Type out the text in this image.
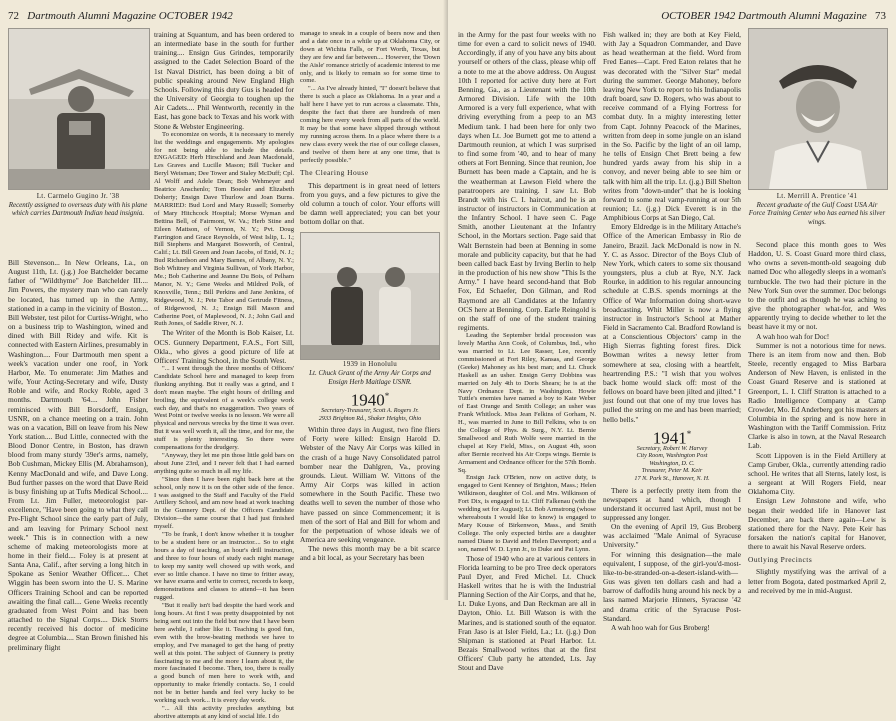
72 Dartmouth Alumni Magazine OCTOBER 1942
Lt. Carmelo Gugino Jr. '38
Recently assigned to overseas duty with his plane which carries Dartmouth Indian head insignia.

Bill Stevenson... In New Orleans, La., on August 11th, Lt. (j.g.) Joe Batchelder became father of "Wildthyme" Joe Batchelder III.... Jim Powers, the mystery man who can rarely be located, has turned up in the Army, stationed in a camp in the vicinity of Boston.... Bill Webster, test pilot for Curtiss-Wright, who on a business trip to Washington, wined and dined with Bill Ridey and wife. Kit is connected with Eastern Airlines, presumably in Washington.... Four Dartmouth men spent a week's vacation under one roof, in York Harbor, Me. To enumerate: Jim Mathes and wife, Your Acting-Secretary and wife, Dusty Roble and wife, and Rocky Roble, aged 3 months. Dartmouth '64.... John Fisher reminisced with Bill Borsdorff, Ensign, USNR, on a chance meeting on a train. John was on a vacation, Bill on leave from his New York station.... Bud Little, connected with the Blood Donor Centre, in Boston, has drawn blood from many sturdy '39er's arms, namely, Bob Cushman, Mickey Ellis (M. Abrahamson), Kenny MacDonald and wife, and Dave Long. Bud further passes on the word that Dave Reid is busy finishing up at Tufts Medical School.... From Lt. Jim Fuller, meteorologist par-excellence, "Have been going to what they call Pre-Flight School since the early part of July, and am leaving for Primary School next week." This is in connection with a new scheme of making meteorologists more at home in their field.... Foley is at present at Santa Ana, Calif., after serving a long hitch in Spokane as Senior Weather Officer.... Chet Wiggin has been sworn into the U. S. Marine Officers Training School and can be reported awaiting the final call.... Gene Weeks recently graduated from West Point and has been attached to the Signal Corps.... Dick Storrs recently received his doctor of medicine degree at Columbia.... Stan Brown finished his preliminary flight

training at Squantum, and has been ordered to an intermediate base in the south for further training.... Ensign Gus Grindes, temporarily assigned to the Cadet Selection Board of the 1st Naval District, has been doing a bit of public speaking around New England High Schools. Following this duty Gus is headed for the University of Georgia to toughen up the Air Cadets.... Phil Wentworth, recently in the East, has gone back to Texas and his work with Stone & Webster Engineering.

To economize on words, it is necessary to merely list the weddings and engagements. My apologies for not being able to include the details. ENGAGED: Herb Hirschland and Jean Macdonald, Les Graves and Lucille Mason; Bill Tucker and Beryl Weisman; Dee Tower and Staley McDuff; Cpl. Al Wolff and Adele Dean; Bob Wehmeyer and Beatrice Anschenlo; Tom Boesler and Elizabeth Doherty; Ensign Dave Thurlow and Joan Burns. MARRIED: Bud Lord and Mary Russell; Somerby of Mary Hitchcock Hospital; Morse Wyman and Bettina Bell, of Fairmont, W. Va.; Herb Stine and Eileen Mattson, of Vernon, N. Y.; Pvt. Doug Farrington and Grace Reynolds, of West Islip, L. I.; Bill Stephens and Margaret Bosworth, of Central, Calif.; Lt. Bill Green and Joan Jacobs, of Enid, N. J.; Bud Richardson and Mary Barnes, of Albany, N. Y.; Bob Whitney and Virginia Sullivan, of York Harbor, Me.; Bob Catherine and Jeanne Du Bois, of Pelham Manor, N. Y.; Gene Weeks and Mildred Polk, of Knoxville, Tenn.; Bill Perkins and Jane Jenkins, of Ridgewood, N. J.; Pete Tabor and Gertrude Fitness, of Ridgewood, N. J.; Ensign Bill Mason and Catherine Poet, of Maplewood, N. J.; John Gail and Ruth Jones, of Saddle River, N. J.

The Writer of the Month is Bob Kaiser, Lt. OCS. Gunnery Department, F.A.S., Fort Sill, Okla., who gives a good picture of life at Officers' Training School, in the South West.

"... I went through the three months of Officers' Candidate School here and managed to keep from flunking anything. But it really was a grind, and I don't mean maybe. The eight hours of drilling and broiling, the equivalent of a week's college work each day, and that's no exaggeration. Two years of West Point or twelve weeks is no lesson. We were all physical and nervous wrecks by the time it was over. But it was well worth it, all the time, and for me, the stuff is plenty interesting. So there were compensations for the drudgery.

"Anyway, they let me pin those little gold bars on about June 23rd, and I never felt that I had earned anything quite so much in all my life.

"Since then I have been right back here at the school, only now it is on the other side of the fence. I was assigned to the Staff and Faculty of the Field Artillery School, and am now head at work teaching in the Gunnery Dept. of the Officers Candidate Division—the same course that I had just finished myself.

"To be frank, I don't know whether it is tougher to be a student here or an instructor.... So to eight hours a day of teaching, an hour's drill instruction, and three to four hours of study each night manage to keep my sanity well chowed up with work, and ever so little chance. I have no time to fritter away, we have exams and write to correct, records to keep, demonstrations and classes to attend—it has been rugged.

"But it really isn't bad despite the hard work and long hours. At first I was pretty disappointed by not being sent out into the field but now that I have been here awhile, I rather like it. Teaching is good fun, even with the brow-beating methods we have to employ, and I've managed to get the hang of pretty well at this point. The subject of Gunnery is pretty fascinating to me and the more I learn about it, the more fascinated I become. Then, too, there is really a good bunch of men here to work with, and opportunity to make friendly contacts. So, I could not be in better hands and feel very lucky to be working such work... It is every day work.

"... All this activity precludes anything but abortive attempts at any kind of social life. I do

manage to sneak in a couple of beers now and then and a date once in a while up at Oklahoma City, or down at Wichita Falls, or Fort Worth, Texas, but they are few and far between.... However, the 'Down the Aisle' romance strictly of academic interest to me only, and is likely to remain so for some time to come.

"... As I've already hinted, "I" doesn't believe that there is such a place as Oklahoma. In a year and a half here I have yet to run across a classmate. This, despite the fact that there are hundreds of men coming here every week from all parts of the world. It may be that some have slipped through without my running across them. In a place where there is a new class every week the rise of our college classes, and twelve of them here at any one time, that is perfectly possible."

The Clearing House

This department is in great need of letters from you guys, and a few pictures to give the old column a touch of color. Your efforts will be damn well appreciated; you can bet your bottom dollar on that.

1939 in Honolulu
Lt. Chuck Grant of the Army Air Corps and Ensign Herb Maitlage USNR.
1940*
Secretary-Treasurer, Scott A. Rogers Jr.
2933 Brighton Rd., Shaker Heights, Ohio

Within three days in August, two fine fliers of Forty were killed: Ensign Harold D. Webster of the Navy Air Corps was killed in the crash of a huge Navy Consolidated patrol bomber near the Dahlgren, Va., proving grounds. Lieut. William W. Vittons of the Army Air Corps was killed in action somewhere in the South Pacific. These two deaths well to seven the number of those who have passed on since Commencement; it is men of the sort of Hal and Bill for whom and for the perpetuation of whose ideals we of America are seeking vengeance.

The news this month may be a bit scarce and a bit local, as your Secretary has been

OCTOBER 1942 Dartmouth Alumni Magazine 73

in the Army for the past four weeks with no time for even a card to solicit news of 1940. Accordingly, if any of you have any bits about yourself or others of the class, please whip off a note to me at the above address. On August 10th I reported for active duty here at Fort Benning, Ga., as a Lieutenant with the 10th Armored Division. Life with the 10th Armored is a very full experience, what with driving everything from a peep to an M3 Medium tank. I had been here for only two days when Lt. Joe Burnett got me to attend a Dartmouth reunion, at which I was surprised to find some from '40, and to hear of many others at Fort Benning. Since that reunion, Joe Burnett has been made a Captain, and he is the weatherman at Lawson Field where the paratroopers are training. I saw Lt. Bob Brandt with his C. I. haircut, and he is an instructor of instructors in Communication at the Infantry School. I have seen C. Page Smith, another Lieutenant at the Infantry School, in the Mortars section. Page said that Walt Bernstein had been at Benning in some morale and publicity capacity, but that he had been called back East by Irving Berlin to help in the production of his new show "This Is the Army." I have heard second-hand that Bob Fox, Ed Schaefer, Don Gilman, and Rod Raymond are all Candidates at the Infantry OCS here at Benning. Corp. Earle Reingold is on the staff of one of the student training regiments.

Leading the September bridal procession was lovely Martha Ann Cook, of Columbus, Ind., who was married to Lt. Lee Rasser, Lee, recently commissioned at Fort Riley, Kansas, and George (Geeke) Mahoney as his best man; and Lt. Chuck Haskell as an usher. Ensign Gerry Dobbins was married on July 4th to Doris Shears; he is at the Navy Ordnance Dept. in Washington. Howie Tuttle's enemies have named a boy to Kate Weber of East Orange and Smith College; an usher was Frank Whitlock. Miss Jean Felkins of Gorham, N. H., was married in June to Bill Felkins, who is on the College of Phys. & Surg., N.Y. Lt. Bernie Smallwood and Ruth Wolfe were married in the chapel at Key Field, Miss., on August 4th, soon after Bernie received his Air Corps wings. Bernie is Armament and Ordnance officer for the 57th Bomb. Sq.

Ensign Jack O'Brien, now on active duty, is engaged to Geni Kenney of Brighton, Mass.; Helen Wilkinson, daughter of Col. and Mrs. Wilkinson of Fort Dix, is engaged to Lt. Cliff Falkenau (with the wedding set for August); Lt. Bob Armstrong (whose whereabouts I would like to know) is engaged to Mary Kouse of Birkenwon, Mass., and Smith College. The only expected births are a daughter named Diane to David and Helen Davenport; and a son, named W. D. Lynn Jr., to Duke and Pat Lynn.

Those of 1940 who are at various centers in Florida learning to be pro Tree deck operators Paul Dyer, and Fred Michel. Lt. Chuck Haskell writes that he is with the Industrial Planning Section of the Air Corps, and that he, Lt. Duke Lyons, and Dan Reckman are all in Dayton, Ohio. Lt. Bill Watson is with the Marines, and is stationed south of the equator. Fran Jaso is at Isler Field, La.; Lt. (j.g.) Don Shipman is stationed at Pearl Harbor. Lt. Bezais Smallwood writes that at the first Officers' Club party he attended, Lts. Jay Stout and Dave

Fish walked in; they are both at Key Field, with Jay a Squadron Commander, and Dave as head weatherman at the field. Word from Fred Eanes—Capt. Fred Eaton relates that he was decorated with the "Silver Star" medal during the summer. George Mahoney, before leaving New York to report to his Indianapolis draft board, saw D. Rogers, who was about to receive command of a Flying Fortress for combat duty. In a mighty interesting letter from Capt. Johnny Peacock of the Marines, written from deep in some jungle on an island in the So. Pacific by the light of an oil lamp, he tells of Ensign Chet Brett being a few hundred yards away from his ship in a convoy, and never being able to see him or talk with him all the trip. Lt. (j.g.) Bill Shelton writes from "down-under" that he is looking forward to some real vamp-running at our 5th reunion; Lt. (j.g.) Dick Everett is in the Amphibious Corps at San Diego, Cal.

Emory Eldredge is in the Military Attache's Office of the American Embassy in Rio de Janeiro, Brazil. Jack McDonald is now in N. Y. C. as Assoc. Director of the Boys Club of New York, which caters to some six thousand youngsters, plus a club at Rye, N.Y. Jack Rourke, in addition to his regular announcing schedule at C.B.S. spends mornings at the Office of War Information doing short-wave broadcasting. Whit Miller is now a flying instructor in Instructor's School at Mather Field in Sacramento Cal. Bradford Rowland is at a Conscientious Objectors' camp in the High Sierras fighting forest fires. Dick Bowman writes a newsy letter from somewhere at sea, closing with a heartfelt, heartrending P.S.: "I wish that you wolves back home would slack off: most of the fellows on board have been jilted and jilted." I just found out that one of my true loves has pulled the string on me and has been married; hello bells."

1941*
Secretary, Robert W. Harvey
City Room, Washington Post
Washington, D. C.
Treasurer, Peter M. Keir
17 N. Park St., Hanover, N. H.

There is a perfectly pretty item from the newspapers at hand which, though I understand it occurred last April, must not be suppressed any longer.

On the evening of April 19, Gus Broberg was acclaimed "Male Animal of Syracuse University."

For winning this designation—the male equivalent, I suppose, of the girl-you'd-most-like-to-be-stranded-on-a-desert-island-with—Gus was given ten dollars cash and had a barrow of daffodils hung around his neck by a lass named Marjorie Hinners, Syracuse '42 and drama critic of the Syracuse Post-Standard.

A wah hoo wah for Gus Broberg!

Lt. Merrill A. Prentice '41
Recent graduate of the Gulf Coast USA Air Force Training Center who has earned his silver wings.

Second place this month goes to Wes Haddon, U. S. Coast Guard more third class, who owns a seven-month-old seagoing dub named Doc who allegedly sleeps in a woman's turnbuckle. The two had their picture in the New York Sun over the summer. Doc belongs to the outfit and as though he was aching to give the photographer what-for, and Wes apparently trying to decide whether to let the beast have it my or not.

A wah hoo wah for Doc!

Summer is not a notorious time for news. There is an item from now and then. Bob Steele, recently engaged to Miss Barbara Anderson of New Haven, is enlisted in the Coast Guard Reserve and is stationed at Greenport, L. I. Cliff Stratton is attached to a Radio Intelligence Company at Camp Crowder, Mo. Ed Anderberg got his masters at Columbia in the spring and is now here in Washington with the Tariff Commission. Fritz Clarke is also in town, at the Naval Research Lab.

Scott Lippoven is in the Field Artillery at Camp Gruber, Okla., currently attending radio school. He writes that all Sterns, lately lost, is a sergeant at Will Rogers Field, near Oklahoma City.

Ensign Lew Johnstone and wife, who began their wedded life in Hanover last December, are back there again—Lew is stationed there for the Navy. Pete Keir has forsaken the nation's capital for Hanover, there to await his Naval Reserve orders.

Outlying Precincts

Slightly mystifying was the arrival of a letter from Bogota, dated postmarked April 2, and received by me in mid-August.
